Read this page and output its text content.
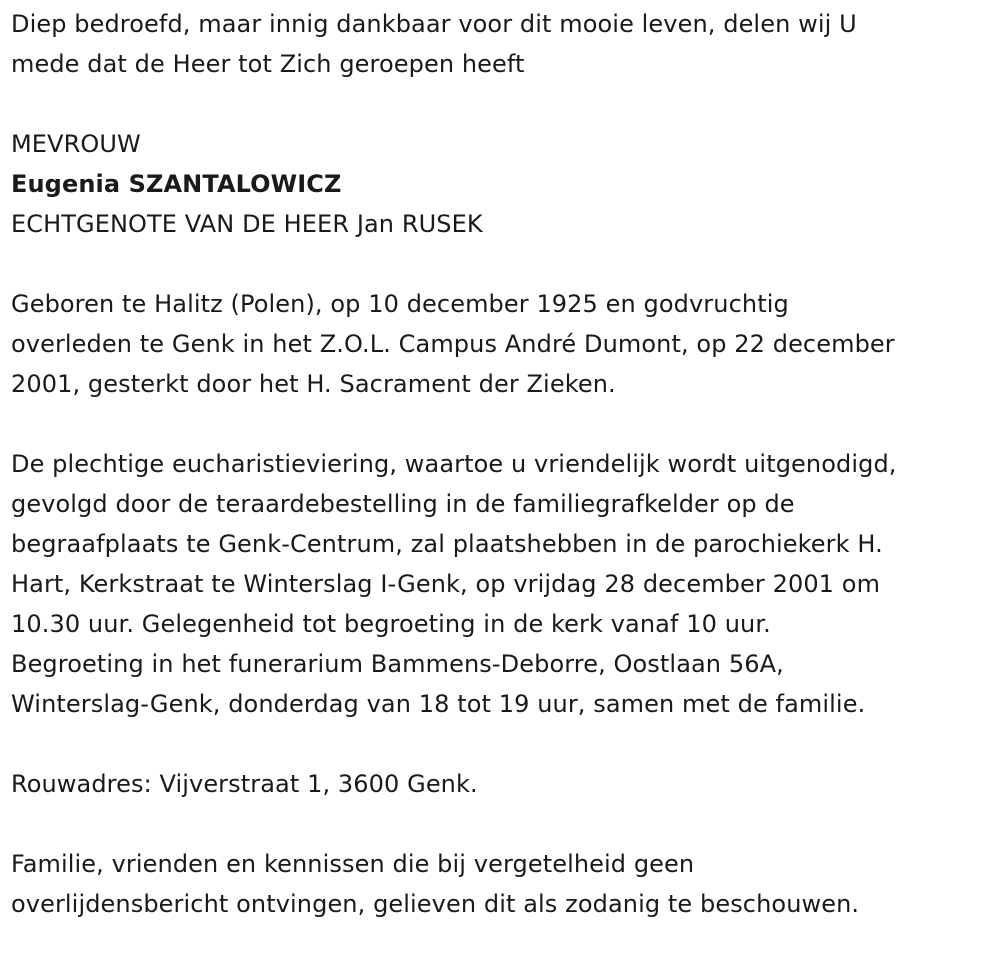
Diep bedroefd, maar innig dankbaar voor dit mooie leven, delen wij U

mede dat de Heer tot Zich geroepen heeft

MEVROUW

Eugenia SZANTALOWICZ

ECHTGENOTE VAN DE HEER Jan RUSEK

Geboren te Halitz (Polen), op 10 december 1925 en godvruchtig

overleden te Genk in het Z.O.L. Campus André Dumont, op 22 december

2001, gesterkt door het H. Sacrament der Zieken.

De plechtige eucharistieviering, waartoe u vriendelijk wordt uitgenodigd,

gevolgd door de teraardebestelling in de familiegrafkelder op de

begraafplaats te Genk-Centrum, zal plaatshebben in de parochiekerk H.

Hart, Kerkstraat te Winterslag I-Genk, op vrijdag 28 december 2001 om

10.30 uur. Gelegenheid tot begroeting in de kerk vanaf 10 uur.

Begroeting in het funerarium Bammens-Deborre, Oostlaan 56A,

Winterslag-Genk, donderdag van 18 tot 19 uur, samen met de familie.

Rouwadres: Vijverstraat 1, 3600 Genk.

Familie, vrienden en kennissen die bij vergetelheid geen

overlijdensbericht ontvingen, gelieven dit als zodanig te beschouwen.
